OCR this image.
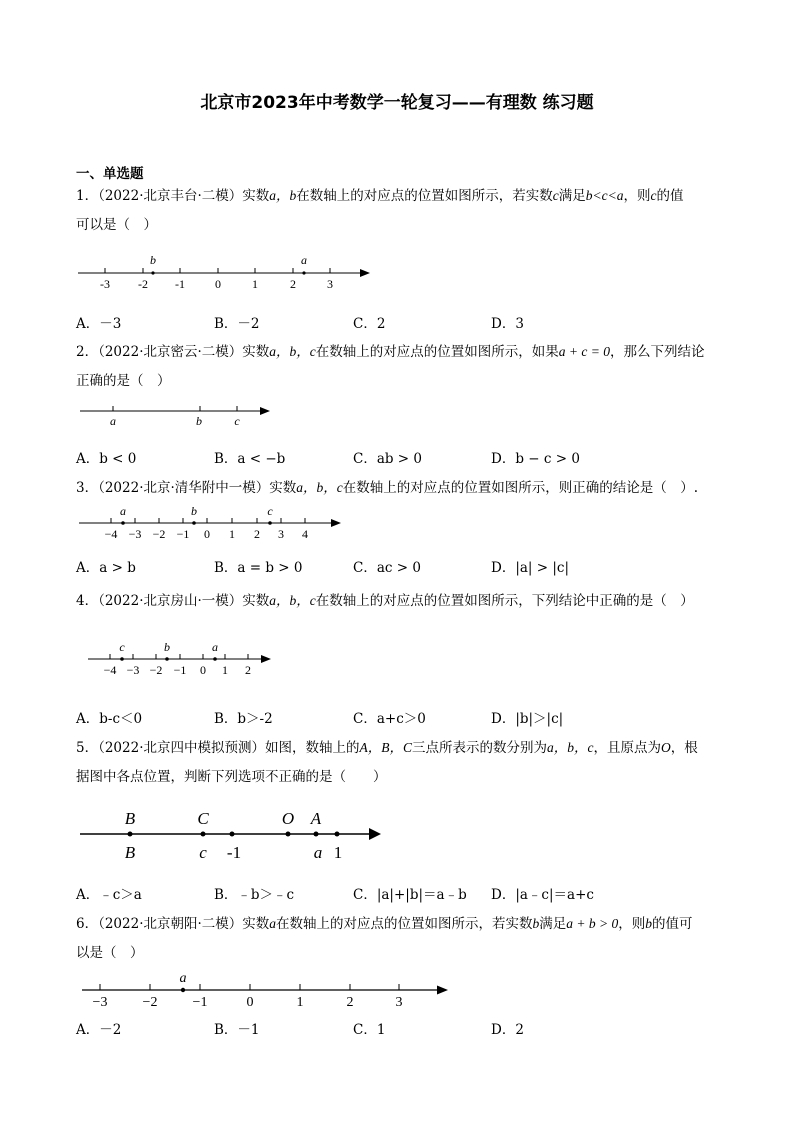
北京市2023年中考数学一轮复习——有理数 练习题
一、单选题
1．（2022·北京丰台·二模）实数a，b在数轴上的对应点的位置如图所示，若实数c满足b<c<a，则c的值
可以是（　）
-3 -2 -1	0	1	2	3
b	a
A．－3	B．－2	C．2	D．3
2．（2022·北京密云·二模）实数a，b，c在数轴上的对应点的位置如图所示，如果a + c = 0，那么下列结论
正确的是（　）
a	b	c
A．b < 0	B．a < −b	C．ab > 0	D．b − c > 0
3．（2022·北京·清华附中一模）实数a，b，c在数轴上的对应点的位置如图所示，则正确的结论是（　）.
−4 −3 −2 −1 0 1 2 3 4
a	b	c
A．a > b	B．a = b > 0	C．ac > 0	D．|a| > |c|
4．（2022·北京房山·一模）实数a，b，c在数轴上的对应点的位置如图所示，下列结论中正确的是（　）
−4 −3 −2 −1 0 1 2
c	b	a
A．b-c＜0	B．b＞-2	C．a+c＞0	D．|b|＞|c|
5．（2022·北京四中模拟预测）如图，数轴上的A，B，C三点所表示的数分别为a，b，c，且原点为O，根
据图中各点位置，判断下列选项不正确的是（　　）
B	C	O A
B	c -1	a 1
A．﹣c＞a	B．﹣b＞﹣c	C．|a|+|b|＝a﹣b D．|a﹣c|＝a+c
6．（2022·北京朝阳·二模）实数a在数轴上的对应点的位置如图所示，若实数b满足a + b > 0，则b的值可
以是（　）
−3	−2	−1	0	1	2	3
a
A．－2	B．－1	C．1	D．2
